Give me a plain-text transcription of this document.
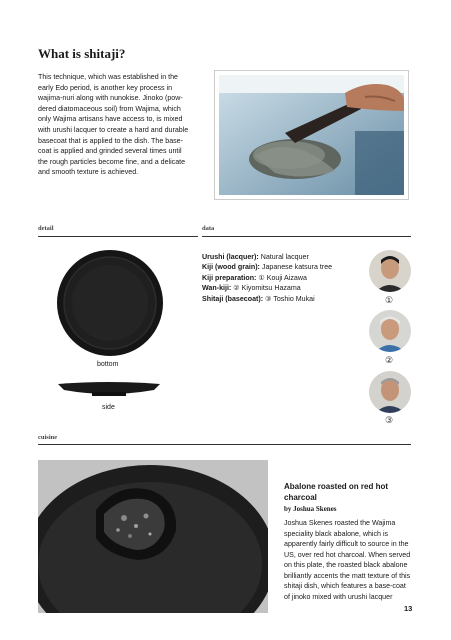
What is shitaji?
This technique, which was established in the
early Edo period, is another key process in
wajima-nuri along with nunokise. Jinoko (pow-
dered diatomaceous soil) from Wajima, which
only Wajima artisans have access to, is mixed
with urushi lacquer to create a hard and durable
basecoat that is applied to the dish. The base-
coat is applied and grinded several times until
the rough particles become fine, and a delicate
and smooth texture is achieved.
detail	data
bottom
side
Urushi (lacquer): Natural lacquer
Kiji (wood grain): Japanese katsura tree
Kiji preparation: ① Kouji Aizawa
Wan-kiji: ② Kiyomitsu Hazama
Shitaji (basecoat): ③ Toshio Mukai	①
②
③
cuisine
Abalone roasted on red hot charcoal
by Joshua Skenes
Joshua Skenes roasted the Wajima speciality black abalone, which is apparently fairly difficult to source in the US, over red hot charcoal. When served on this plate, the roasted black abalone brilliantly accents the matt texture of this shitaji dish, which features a base-coat of jinoko mixed with urushi lacquer
13
